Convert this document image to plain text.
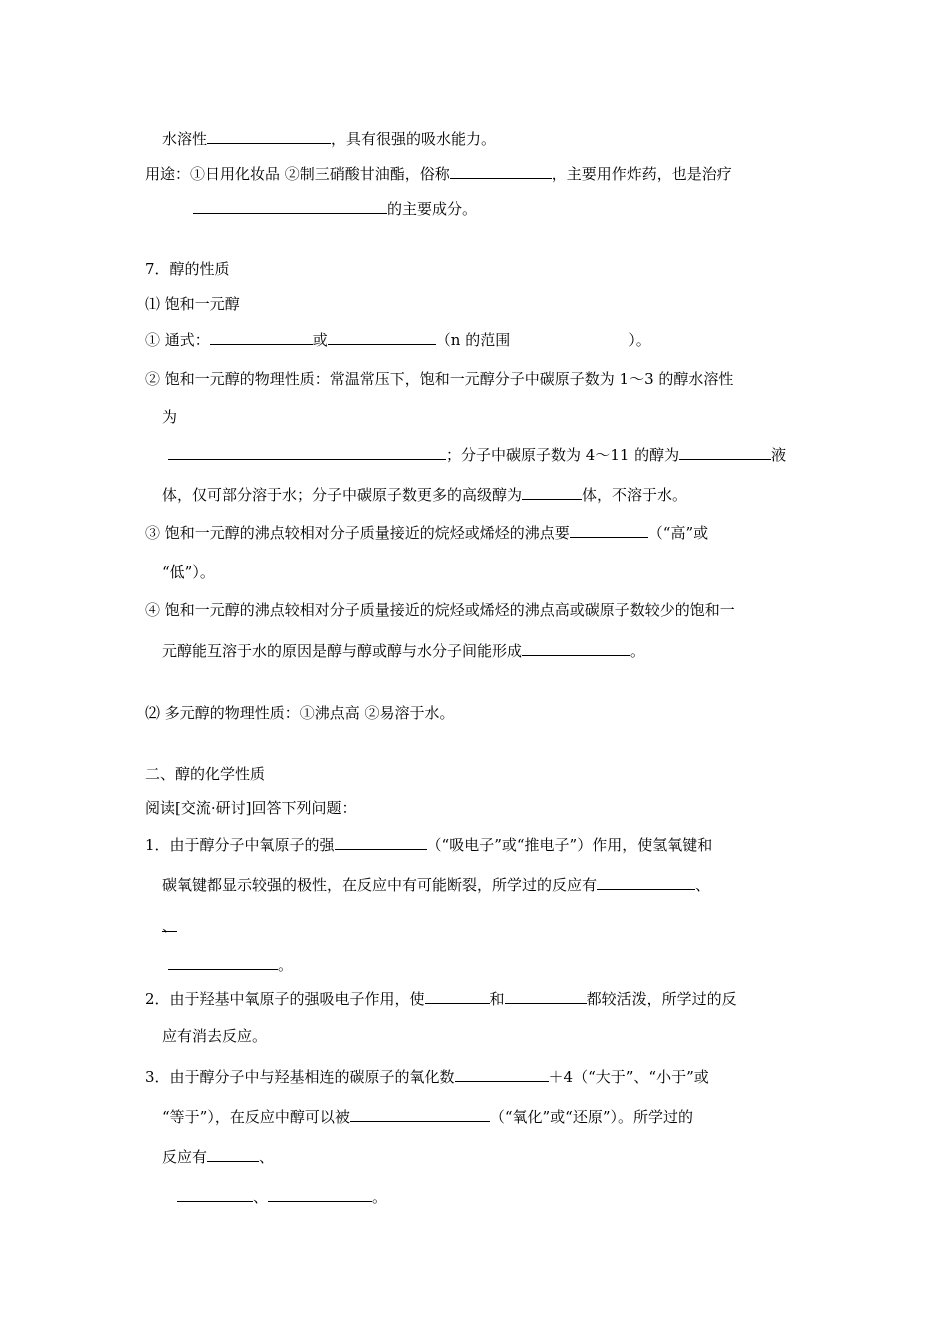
水溶性	，具有很强的吸水能力。
用途：①日用化妆品 ②制三硝酸甘油酯，俗称	，主要用作炸药，也是治疗
的主要成分。
7．醇的性质
⑴ 饱和一元醇
① 通式：	或	（n 的范围	）。
② 饱和一元醇的物理性质：常温常压下，饱和一元醇分子中碳原子数为 1～3 的醇水溶性
为
；分子中碳原子数为 4～11 的醇为	液
体，仅可部分溶于水；分子中碳原子数更多的高级醇为	体，不溶于水。
③ 饱和一元醇的沸点较相对分子质量接近的烷烃或烯烃的沸点要	（“高”或
“低”）。
④ 饱和一元醇的沸点较相对分子质量接近的烷烃或烯烃的沸点高或碳原子数较少的饱和一
元醇能互溶于水的原因是醇与醇或醇与水分子间能形成	。
⑵ 多元醇的物理性质：①沸点高 ②易溶于水。
二、醇的化学性质
阅读[交流·研讨]回答下列问题：
1．由于醇分子中氧原子的强	（“吸电子”或“推电子”）作用，使氢氧键和
碳氧键都显示较强的极性，在反应中有可能断裂，所学过的反应有	、
、
。
2．由于羟基中氧原子的强吸电子作用，使	和	都较活泼，所学过的反
应有消去反应。
3．由于醇分子中与羟基相连的碳原子的氧化数	＋4（“大于”、“小于”或
“等于”），在反应中醇可以被	（“氧化”或“还原”）。所学过的
反应有	、
、	。
